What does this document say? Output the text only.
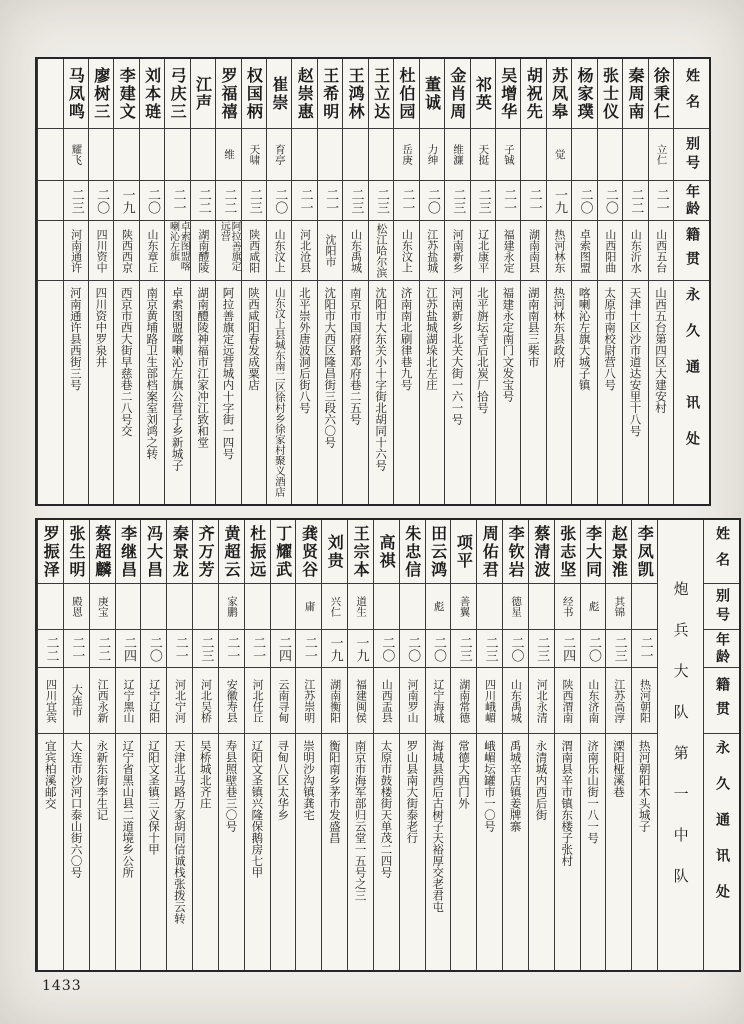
姓名
别号
年龄
籍贯
永久通讯处
徐秉仁
立仁
二一
山西五台
山西五台第四区大建安村
秦周南
二二
山东沂水
天津十区沙市道达安里十八号
张士仪
二〇
山西阳曲
太原市南校尉营八号
杨家璞
二〇
卓索图盟
喀喇沁左旗大城子镇
苏凤皋
觉
一九
热河林东
热河林东县政府
胡祝先
二一
湖南南县
湖南南县三柴市
吴增华
子铖
二一
福建永定
福建永定南门文发宝号
祁英
天挺
二三
辽北康平
北平旃坛寺后北炭厂拾号
金肖周
维濂
二三
河南新乡
河南新乡北关大街一六一号
董诚
力绅
二〇
江苏盐城
江苏盐城湖垛北左庄
杜伯园
岳庚
二一
山东汶上
济南南北刷律巷九号
王立达
二三
松江哈尔滨
沈阳市大东关小十字街北胡同十六号
王鸿林
二三
山东禹城
南京市国府路邓府巷二五号
王希明
二一
沈阳市
沈阳市大西区隆昌街三段六〇号
赵崇惠
二一
河北沧县
北平崇外唐波洞后街八号
崔崇
育亭
二〇
山东汶上
山东汶上县城东南二区徐村乡徐家村聚义酒店
权国柄
天啸
二三
陕西咸阳
陕西咸阳春发成粟店
罗福禧
维
二二
阿拉善旗定远营
阿拉善旗定远营城内十字街一四号
江声
二二
湖南醴陵
湖南醴陵神福市江家冲江致和堂
弓庆三
二一
卓索图盟喀喇沁左旗
卓索图盟喀喇沁左旗公营子乡新城子
刘本琏
二〇
山东章丘
南京黄埔路卫生部档案室刘鸿之转
李建文
一九
陕西西京
西京市西大街早慈巷二八号交
廖树三
二〇
四川资中
四川资中罗泉井
马凤鸣
耀飞
二三
河南通许
河南通许县西街三号
姓名
别号
年龄
籍贯
永久通讯处
炮兵大队第一中队
李凤凯
二一
热河朝阳
热河朝阳木头城子
赵景淮
其锦
二三
江苏高淳
溧阳桠溪巷
李大同
彪
二〇
山东济南
济南乐山街一八一号
张志坚
经书
二四
陕西渭南
渭南县辛市镇东楼子张村
蔡清波
二三
河北永清
永清城内西后街
李钦岩
德星
二〇
山东禹城
禹城辛店镇姜牌寨
周佑君
二三
四川峨嵋
峨嵋坛罐市一〇号
项平
善翼
二三
湖南常德
常德大西门外
田云鸿
彪
二〇
辽宁海城
海城县西后古树子天裕厚交老君屯
朱忠信
二〇
河南罗山
罗山县南大街泰老行
高祺
二〇
山西盂县
太原市鼓楼街天单茂二四号
王宗本
道生
一九
福建闽侯
南京市海军部归云堂一五号之三
刘贵
兴仁
一九
湖南衡阳
衡阳南乡茅市发盛昌
龚贤谷
庸
二一
江苏崇明
崇明沙沟镇龚宅
丁耀武
二四
云南寻甸
寻甸八区太华乡
杜振远
二一
河北任丘
辽阳文圣镇兴隆保鹅房七甲
黄超云
家鹏
二一
安徽寿县
寿县照壁巷三〇号
齐万芳
二三
河北吴桥
吴桥城北齐庄
秦景龙
二一
河北宁河
天津北马路万家胡同信诚栈张拨云转
冯大昌
二〇
辽宁辽阳
辽阳文圣镇三义保十甲
李继昌
二四
辽宁黑山
辽宁省黑山县二道境乡公所
蔡超麟
庚宝
二二
江西永新
永新东街李生记
张生明
殿恩
二一
大连市
大连市沙河口泰山街六〇号
罗振泽
二二
四川宜宾
宜宾柏溪邮交
1433
